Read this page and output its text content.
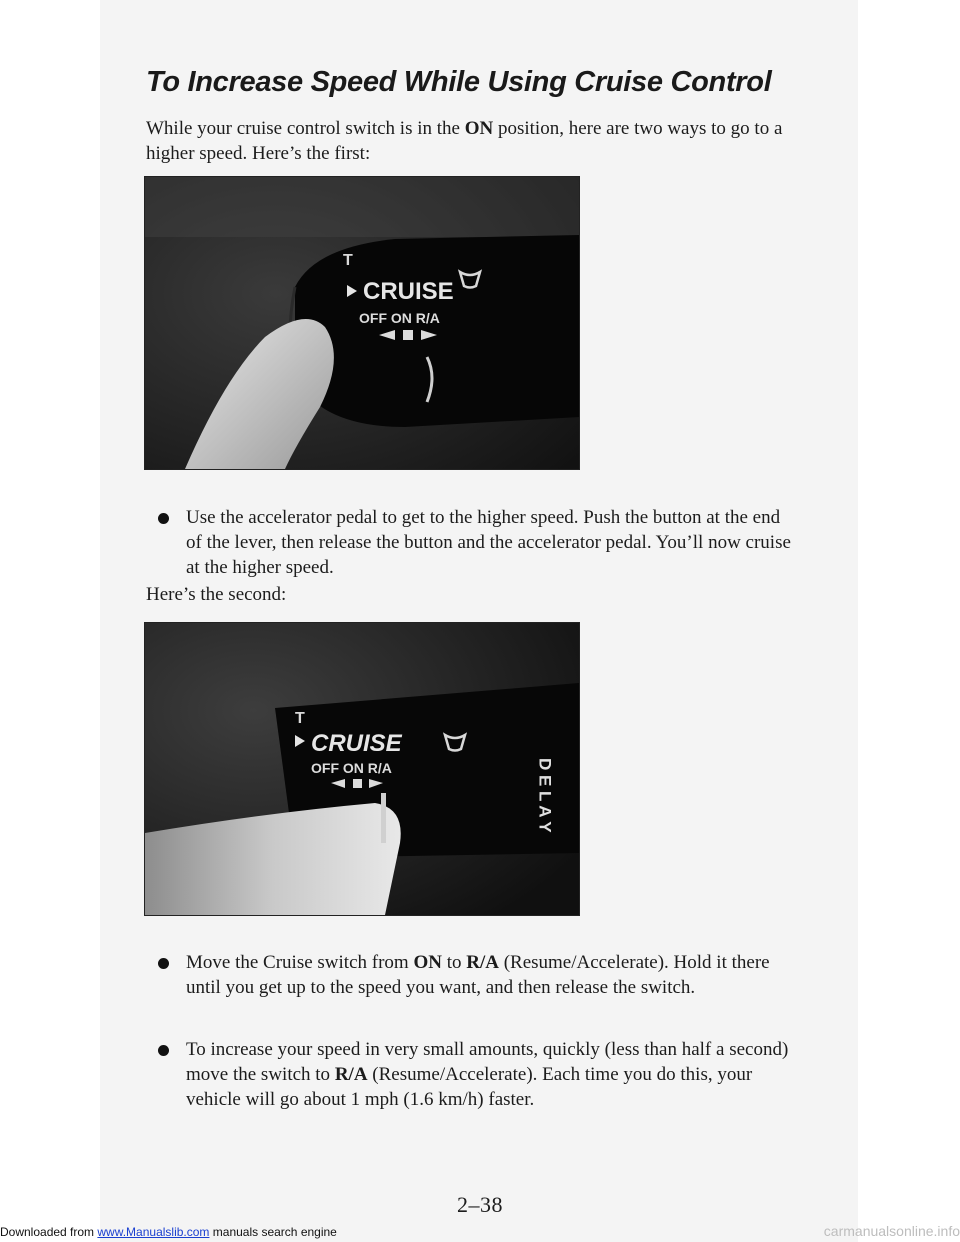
To Increase Speed While Using Cruise Control

While your cruise control switch is in the ON position, here are two ways to go to a higher speed. Here’s the first:

T
CRUISE
OFF ON R/A
Use the accelerator pedal to get to the higher speed. Push the button at the end of the lever, then release the button and the accelerator pedal. You’ll now cruise at the higher speed.

Here’s the second:

T
CRUISE
OFF ON R/A	D E L A Y
Move the Cruise switch from ON to R/A (Resume/Accelerate). Hold it there until you get up to the speed you want, and then release the switch.
To increase your speed in very small amounts, quickly (less than half a second) move the switch to R/A (Resume/Accelerate). Each time you do this, your vehicle will go about 1 mph (1.6 km/h) faster.
2–38
Downloaded from www.Manualslib.com manuals search engine	carmanualsonline.info
